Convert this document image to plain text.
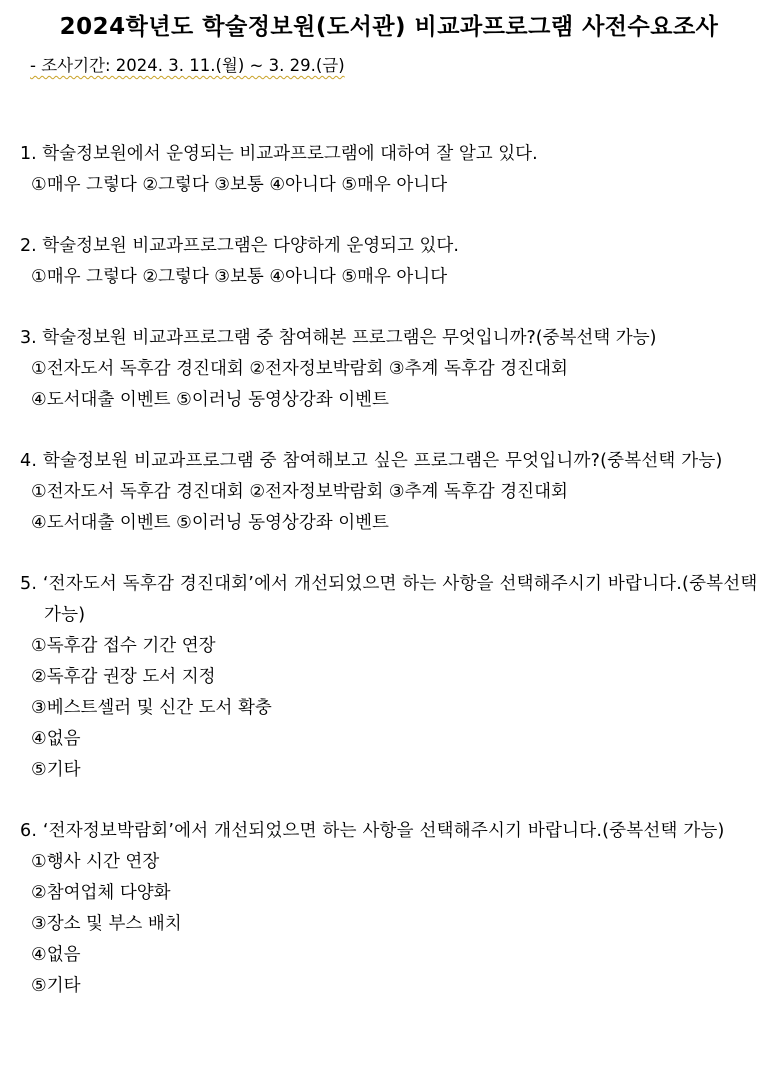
2024학년도 학술정보원(도서관) 비교과프로그램 사전수요조사
- 조사기간: 2024. 3. 11.(월) ~ 3. 29.(금)
1. 학술정보원에서 운영되는 비교과프로그램에 대하여 잘 알고 있다.
①매우 그렇다 ②그렇다 ③보통 ④아니다 ⑤매우 아니다
2. 학술정보원 비교과프로그램은 다양하게 운영되고 있다.
①매우 그렇다 ②그렇다 ③보통 ④아니다 ⑤매우 아니다
3. 학술정보원 비교과프로그램 중 참여해본 프로그램은 무엇입니까?(중복선택 가능)
①전자도서 독후감 경진대회 ②전자정보박람회 ③추계 독후감 경진대회
④도서대출 이벤트 ⑤이러닝 동영상강좌 이벤트
4. 학술정보원 비교과프로그램 중 참여해보고 싶은 프로그램은 무엇입니까?(중복선택 가능)
①전자도서 독후감 경진대회 ②전자정보박람회 ③추계 독후감 경진대회
④도서대출 이벤트 ⑤이러닝 동영상강좌 이벤트
5. ‘전자도서 독후감 경진대회’에서 개선되었으면 하는 사항을 선택해주시기 바랍니다.(중복선택 가능)
①독후감 접수 기간 연장
②독후감 권장 도서 지정
③베스트셀러 및 신간 도서 확충
④없음
⑤기타
6. ‘전자정보박람회’에서 개선되었으면 하는 사항을 선택해주시기 바랍니다.(중복선택 가능)
①행사 시간 연장
②참여업체 다양화
③장소 및 부스 배치
④없음
⑤기타
